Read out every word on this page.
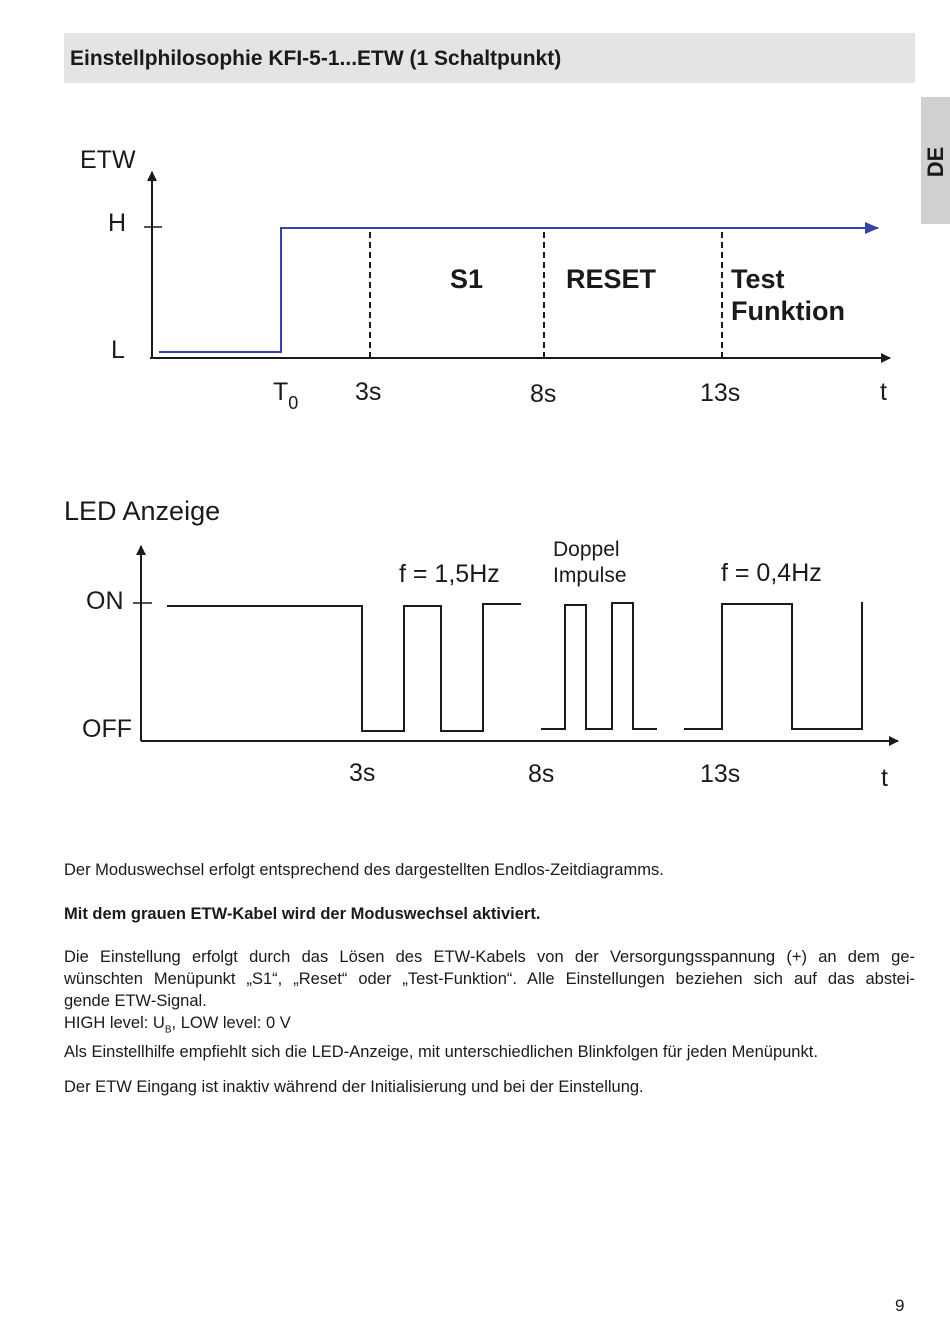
Einstellphilosophie KFI-5-1...ETW (1 Schaltpunkt)
DE
ETW
H
L
$T_0$ 3s	8s	13s	t
S1	RESET	Test
Funktion
LED Anzeige
ON
OFF
f = 1,5Hz
Doppel
Impulse	f = 0,4Hz
3s	8s	13s	t
Der Moduswechsel erfolgt entsprechend des dargestellten Endlos-Zeitdiagramms.
Mit dem grauen ETW-Kabel wird der Moduswechsel aktiviert.
Die Einstellung erfolgt durch das Lösen des ETW-Kabels von der Versorgungsspannung (+) an dem ge-
wünschten Menüpunkt „S1“, „Reset“ oder „Test-Funktion“. Alle Einstellungen beziehen sich auf das abstei-
gende ETW-Signal.
HIGH level: $U_B$, LOW level: 0 V
Als Einstellhilfe empfiehlt sich die LED-Anzeige, mit unterschiedlichen Blinkfolgen für jeden Menüpunkt.
Der ETW Eingang ist inaktiv während der Initialisierung und bei der Einstellung.
9
